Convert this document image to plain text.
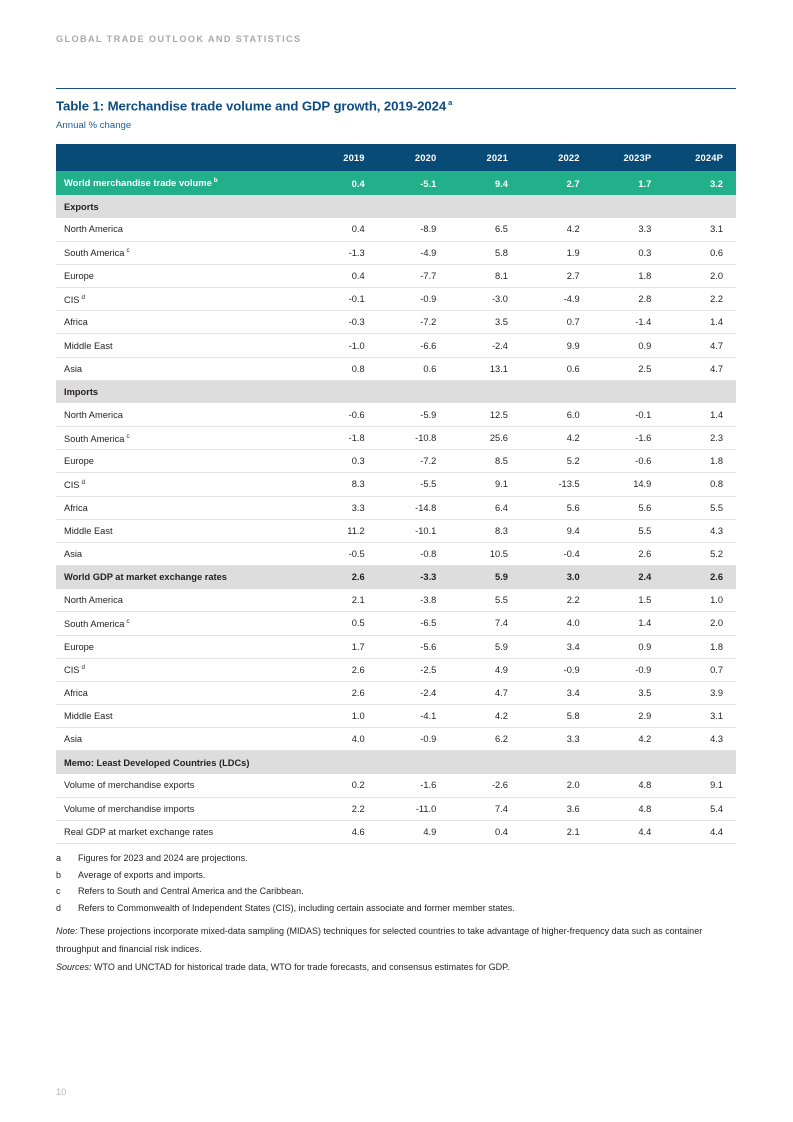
GLOBAL TRADE OUTLOOK AND STATISTICS
Table 1: Merchandise trade volume and GDP growth, 2019-2024 $^a$
Annual % change
	2019	2020	2021	2022	2023P	2024P
World merchandise trade volume $^b$	0.4	-5.1	9.4	2.7	1.7	3.2
Exports						
North America	0.4	-8.9	6.5	4.2	3.3	3.1
South America $^c$	-1.3	-4.9	5.8	1.9	0.3	0.6
Europe	0.4	-7.7	8.1	2.7	1.8	2.0
CIS $^d$	-0.1	-0.9	-3.0	-4.9	2.8	2.2
Africa	-0.3	-7.2	3.5	0.7	-1.4	1.4
Middle East	-1.0	-6.6	-2.4	9.9	0.9	4.7
Asia	0.8	0.6	13.1	0.6	2.5	4.7
Imports						
North America	-0.6	-5.9	12.5	6.0	-0.1	1.4
South America $^c$	-1.8	-10.8	25.6	4.2	-1.6	2.3
Europe	0.3	-7.2	8.5	5.2	-0.6	1.8
CIS $^d$	8.3	-5.5	9.1	-13.5	14.9	0.8
Africa	3.3	-14.8	6.4	5.6	5.6	5.5
Middle East	11.2	-10.1	8.3	9.4	5.5	4.3
Asia	-0.5	-0.8	10.5	-0.4	2.6	5.2
World GDP at market exchange rates	2.6	-3.3	5.9	3.0	2.4	2.6
North America	2.1	-3.8	5.5	2.2	1.5	1.0
South America $^c$	0.5	-6.5	7.4	4.0	1.4	2.0
Europe	1.7	-5.6	5.9	3.4	0.9	1.8
CIS $^d$	2.6	-2.5	4.9	-0.9	-0.9	0.7
Africa	2.6	-2.4	4.7	3.4	3.5	3.9
Middle East	1.0	-4.1	4.2	5.8	2.9	3.1
Asia	4.0	-0.9	6.2	3.3	4.2	4.3
Memo: Least Developed Countries (LDCs)						
Volume of merchandise exports	0.2	-1.6	-2.6	2.0	4.8	9.1
Volume of merchandise imports	2.2	-11.0	7.4	3.6	4.8	5.4
Real GDP at market exchange rates	4.6	4.9	0.4	2.1	4.4	4.4
a Figures for 2023 and 2024 are projections.
b Average of exports and imports.
c Refers to South and Central America and the Caribbean.
d Refers to Commonwealth of Independent States (CIS), including certain associate and former member states.

Note: These projections incorporate mixed-data sampling (MIDAS) techniques for selected countries to take advantage of higher-frequency data such as container throughput and financial risk indices.

Sources: WTO and UNCTAD for historical trade data, WTO for trade forecasts, and consensus estimates for GDP.

10
